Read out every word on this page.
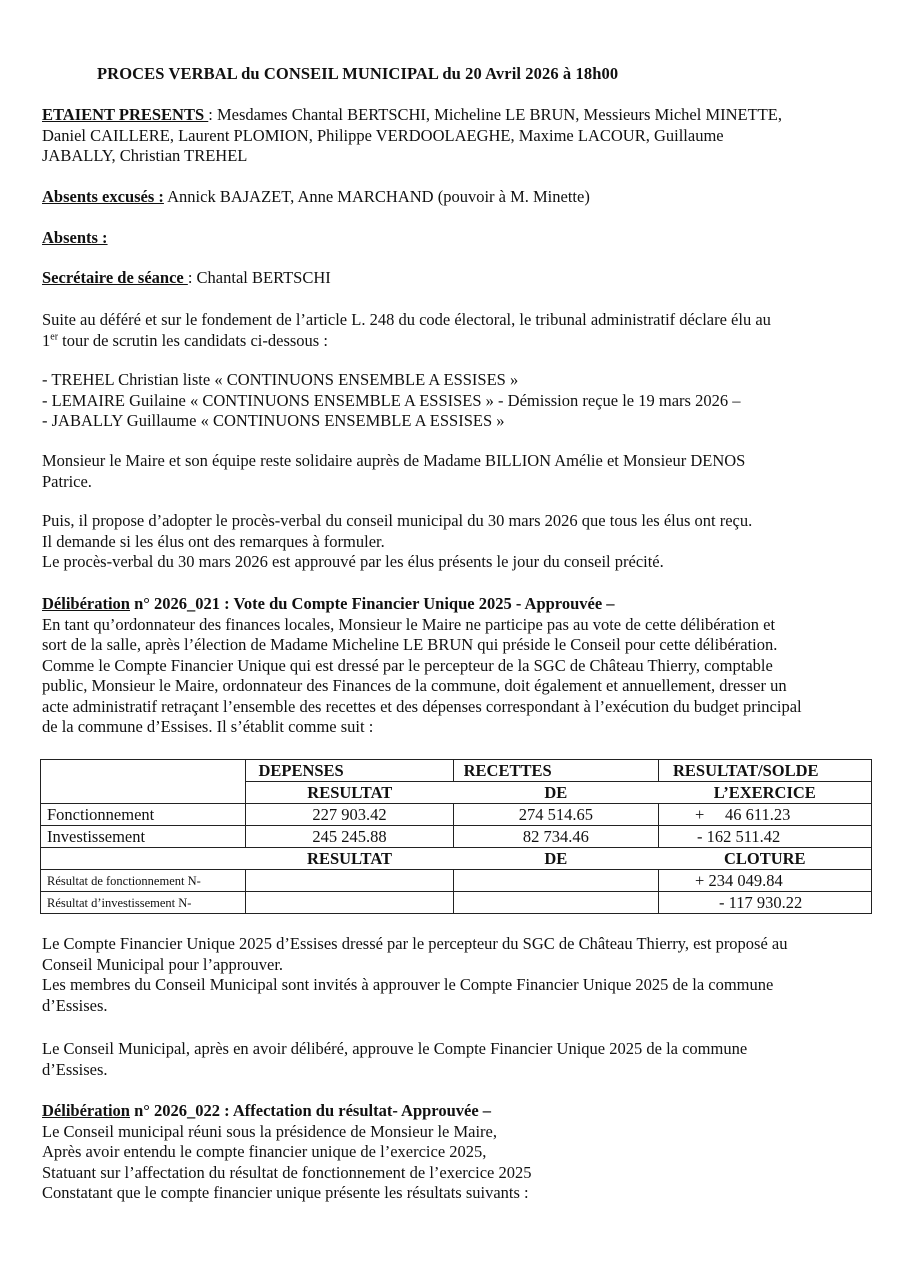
PROCES VERBAL du CONSEIL MUNICIPAL du 20 Avril 2026 à 18h00

ETAIENT PRESENTS : Mesdames Chantal BERTSCHI, Micheline LE BRUN, Messieurs Michel MINETTE,

Daniel CAILLERE, Laurent PLOMION, Philippe VERDOOLAEGHE, Maxime LACOUR, Guillaume

JABALLY, Christian TREHEL

Absents excusés : Annick BAJAZET, Anne MARCHAND (pouvoir à M. Minette)

Absents :

Secrétaire de séance : Chantal BERTSCHI

Suite au déféré et sur le fondement de l’article L. 248 du code électoral, le tribunal administratif déclare élu au

1er tour de scrutin les candidats ci-dessous :

- TREHEL Christian liste « CONTINUONS ENSEMBLE A ESSISES »

- LEMAIRE Guilaine « CONTINUONS ENSEMBLE A ESSISES » - Démission reçue le 19 mars 2026 –

- JABALLY Guillaume « CONTINUONS ENSEMBLE A ESSISES »

Monsieur le Maire et son équipe reste solidaire auprès de Madame BILLION Amélie et Monsieur DENOS

Patrice.

Puis, il propose d’adopter le procès-verbal du conseil municipal du 30 mars 2026 que tous les élus ont reçu.

Il demande si les élus ont des remarques à formuler.

Le procès-verbal du 30 mars 2026 est approuvé par les élus présents le jour du conseil précité.

Délibération n° 2026_021 : Vote du Compte Financier Unique 2025 - Approuvée –

En tant qu’ordonnateur des finances locales, Monsieur le Maire ne participe pas au vote de cette délibération et

sort de la salle, après l’élection de Madame Micheline LE BRUN qui préside le Conseil pour cette délibération.

Comme le Compte Financier Unique qui est dressé par le percepteur de la SGC de Château Thierry, comptable

public, Monsieur le Maire, ordonnateur des Finances de la commune, doit également et annuellement, dresser un

acte administratif retraçant l’ensemble des recettes et des dépenses correspondant à l’exécution du budget principal

de la commune d’Essises. Il s’établit comme suit :

	DEPENSES	RECETTES	RESULTAT/SOLDE
	RESULTAT	DE	L’EXERCICE
Fonctionnement	227 903.42	274 514.65	+     46 611.23
Investissement	245 245.88	82 734.46	- 162 511.42
	RESULTAT	DE	CLOTURE
Résultat de fonctionnement N-			+ 234 049.84
Résultat d’investissement N-			- 117 930.22

Le Compte Financier Unique 2025 d’Essises dressé par le percepteur du SGC de Château Thierry, est proposé au

Conseil Municipal pour l’approuver.

Les membres du Conseil Municipal sont invités à approuver le Compte Financier Unique 2025 de la commune

d’Essises.

Le Conseil Municipal, après en avoir délibéré, approuve le Compte Financier Unique 2025 de la commune

d’Essises.

Délibération n° 2026_022 : Affectation du résultat- Approuvée –

Le Conseil municipal réuni sous la présidence de Monsieur le Maire,

Après avoir entendu le compte financier unique de l’exercice 2025,

Statuant sur l’affectation du résultat de fonctionnement de l’exercice 2025

Constatant que le compte financier unique présente les résultats suivants :
